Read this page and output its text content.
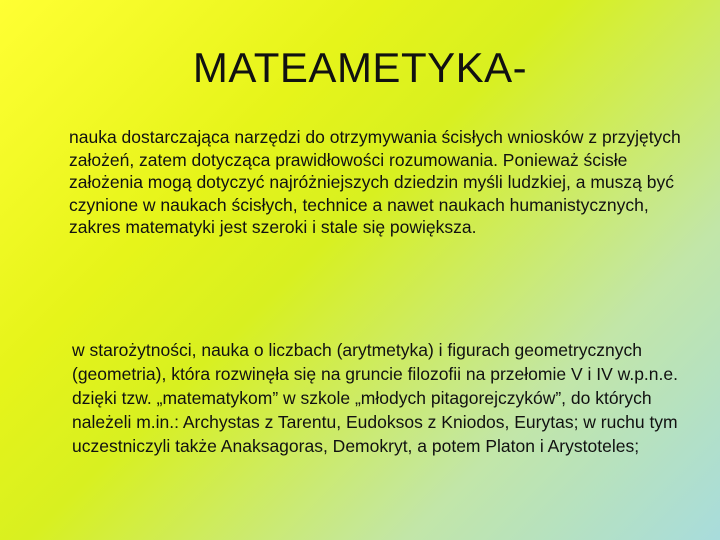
MATEAMETYKA-

nauka dostarczająca narzędzi do otrzymywania ścisłych wniosków z przyjętych założeń, zatem dotycząca prawidłowości rozumowania. Ponieważ ścisłe założenia mogą dotyczyć najróżniejszych dziedzin myśli ludzkiej, a muszą być czynione w naukach ścisłych, technice a nawet naukach humanistycznych, zakres matematyki jest szeroki i stale się powiększa.

w starożytności, nauka o liczbach (arytmetyka) i figurach geometrycznych (geometria), która rozwinęła się na gruncie filozofii na przełomie V i IV w.p.n.e. dzięki tzw. „matematykom” w szkole „młodych pitagorejczyków”, do których należeli m.in.: Archystas z Tarentu, Eudoksos z Kniodos, Eurytas; w ruchu tym uczestniczyli także Anaksagoras, Demokryt, a potem Platon i Arystoteles;
